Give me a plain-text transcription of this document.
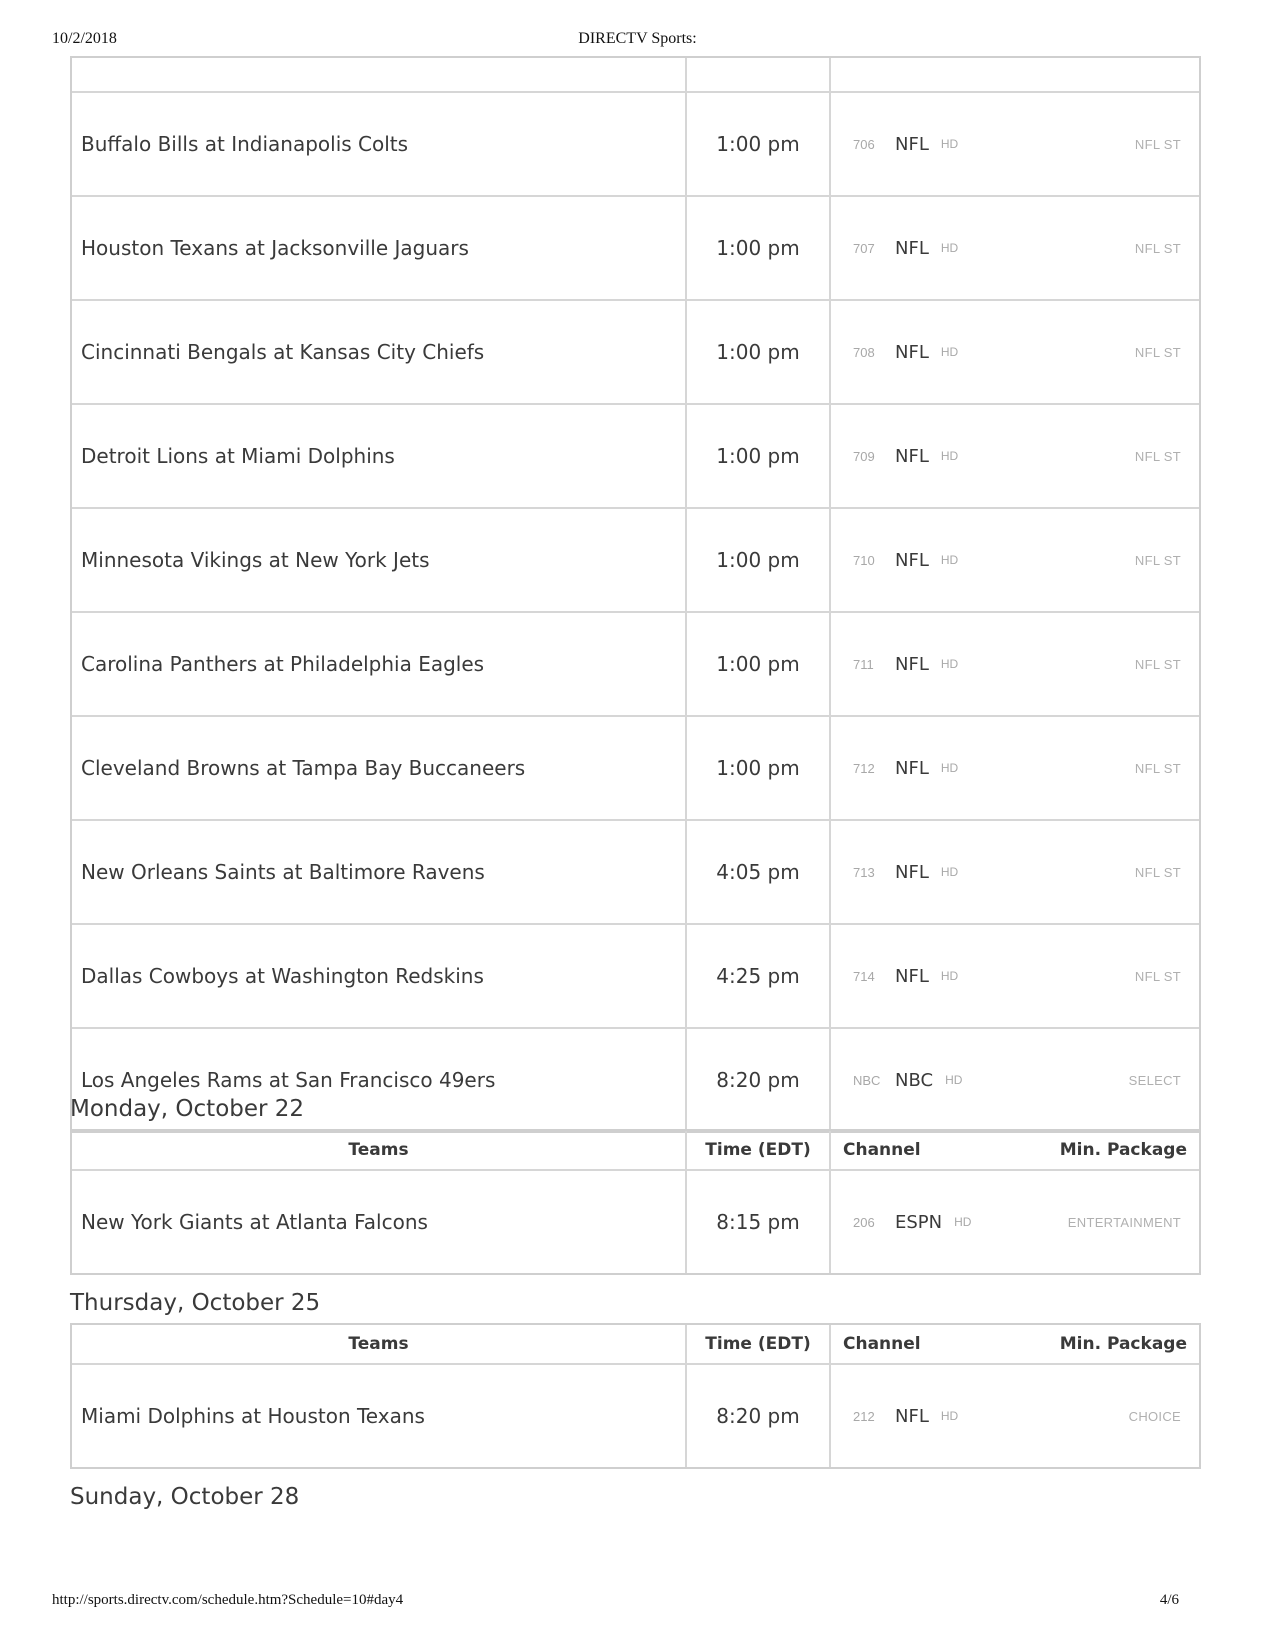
10/2/2018	DIRECTV Sports:
Buffalo Bills at Indianapolis Colts	1:00 pm	706	NFL HD	NFL ST
Houston Texans at Jacksonville Jaguars	1:00 pm	707	NFL HD	NFL ST
Cincinnati Bengals at Kansas City Chiefs	1:00 pm	708	NFL HD	NFL ST
Detroit Lions at Miami Dolphins	1:00 pm	709	NFL HD	NFL ST
Minnesota Vikings at New York Jets	1:00 pm	710	NFL HD	NFL ST
Carolina Panthers at Philadelphia Eagles	1:00 pm	711	NFL HD	NFL ST
Cleveland Browns at Tampa Bay Buccaneers	1:00 pm	712	NFL HD	NFL ST
New Orleans Saints at Baltimore Ravens	4:05 pm	713	NFL HD	NFL ST
Dallas Cowboys at Washington Redskins	4:25 pm	714	NFL HD	NFL ST
Los Angeles Rams at San Francisco 49ers	8:20 pm	NBC NBC HD	SELECT
Monday, October 22
Teams	Time (EDT)	Channel	Min. Package
New York Giants at Atlanta Falcons	8:15 pm	206	ESPN HD	ENTERTAINMENT
Thursday, October 25
Teams	Time (EDT)	Channel	Min. Package
Miami Dolphins at Houston Texans	8:20 pm	212	NFL HD	CHOICE
Sunday, October 28
http://sports.directv.com/schedule.htm?Schedule=10#day4	4/6
